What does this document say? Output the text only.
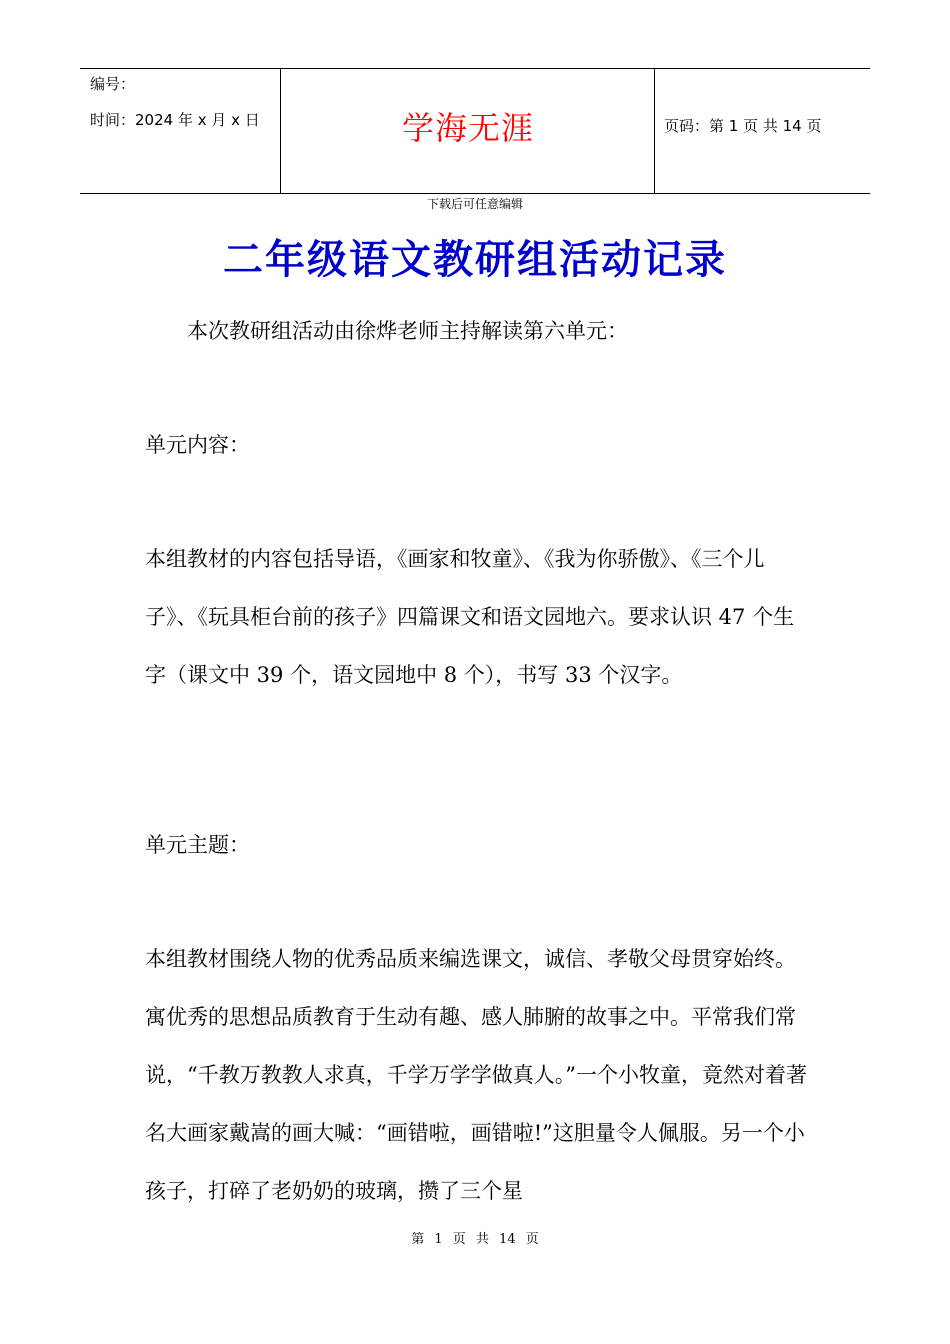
编号：
时间：2024 年 x 月 x 日	学海无涯	页码：第 1 页 共 14 页
下载后可任意编辑
二年级语文教研组活动记录

本次教研组活动由徐烨老师主持解读第六单元：

单元内容：

本组教材的内容包括导语，《画家和牧童》、《我为你骄傲》、《三个儿子》、《玩具柜台前的孩子》四篇课文和语文园地六。要求认识 47 个生字（课文中 39 个，语文园地中 8 个），书写 33 个汉字。

单元主题：

本组教材围绕人物的优秀品质来编选课文，诚信、孝敬父母贯穿始终。寓优秀的思想品质教育于生动有趣、感人肺腑的故事之中。平常我们常说，“千教万教教人求真，千学万学学做真人。”一个小牧童，竟然对着著名大画家戴嵩的画大喊：“画错啦，画错啦!”这胆量令人佩服。另一个小孩子，打碎了老奶奶的玻璃，攒了三个星

第 1 页 共 14 页
